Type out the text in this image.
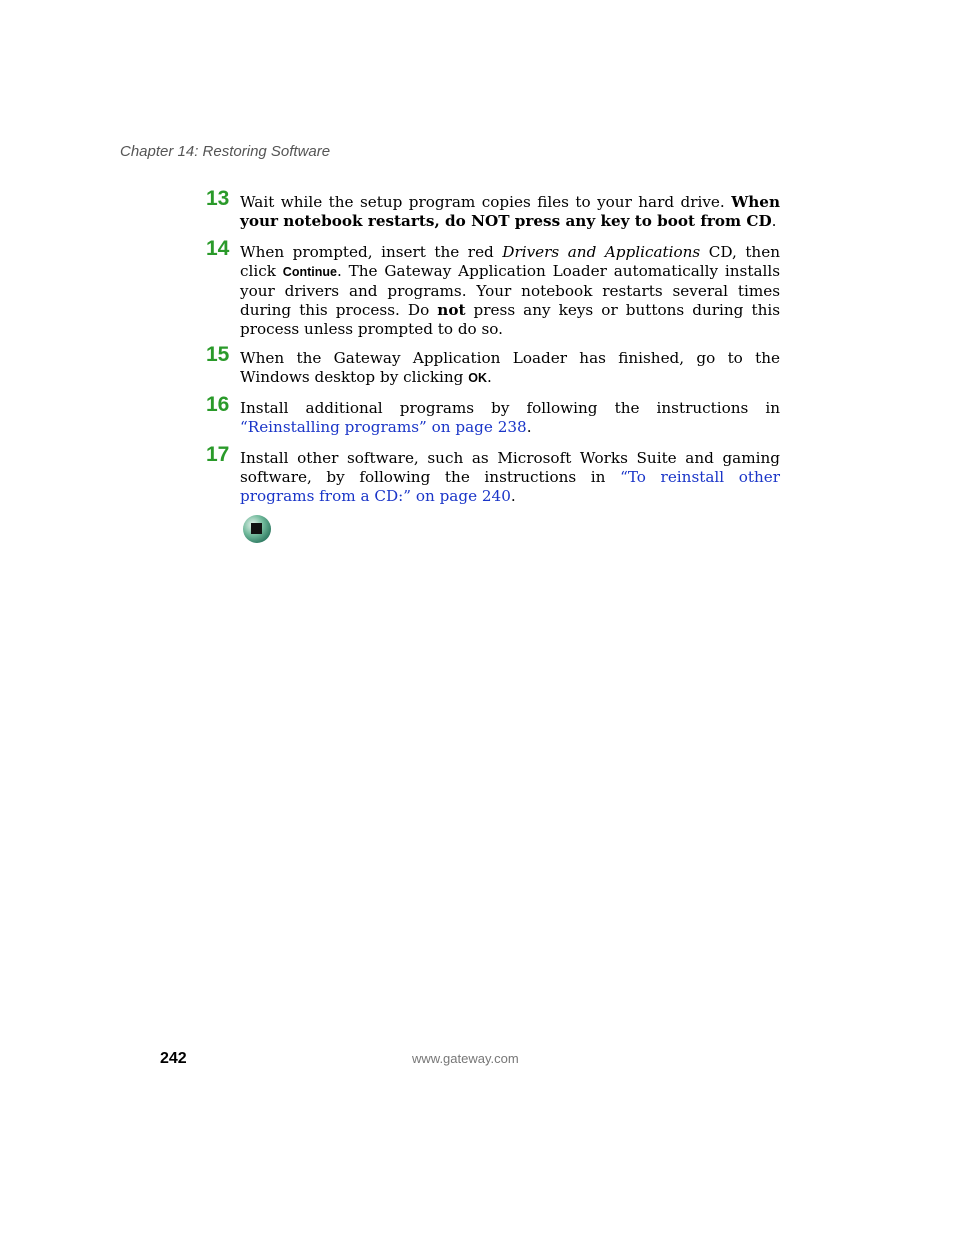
Chapter 14: Restoring Software
13 Wait while the setup program copies files to your hard drive. When your notebook restarts, do NOT press any key to boot from CD.
14 When prompted, insert the red Drivers and Applications CD, then click Continue. The Gateway Application Loader automatically installs your drivers and programs. Your notebook restarts several times during this process. Do not press any keys or buttons during this process unless prompted to do so.
15 When the Gateway Application Loader has finished, go to the Windows desktop by clicking OK.
16 Install additional programs by following the instructions in “Reinstalling programs” on page 238.
17 Install other software, such as Microsoft Works Suite and gaming software, by following the instructions in “To reinstall other programs from a CD:” on page 240.
242	www.gateway.com
